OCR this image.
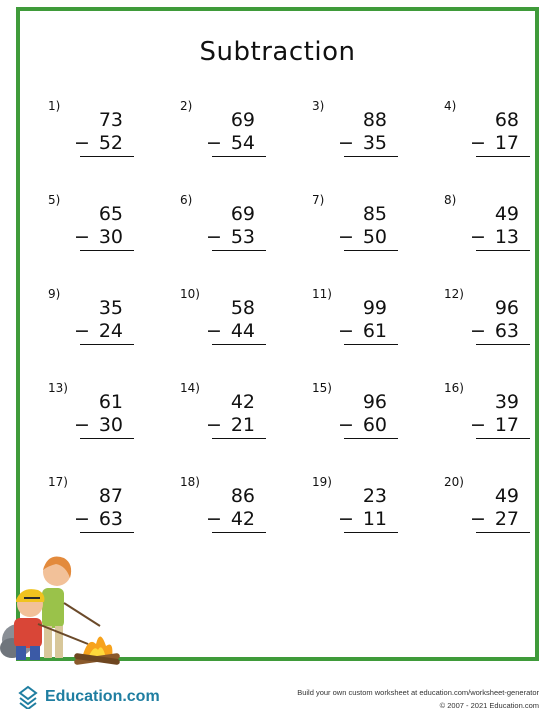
Subtraction
1)
73
− 52
2)
69
− 54
3)
88
− 35
4)
68
− 17
5)
65
− 30
6)
69
− 53
7)
85
− 50
8)
49
− 13
9)
35
− 24
10)
58
− 44
11)
99
− 61
12)
96
− 63
13)
61
− 30
14)
42
− 21
15)
96
− 60
16)
39
− 17
17)
87
− 63
18)
86
− 42
19)
23
− 11
20)
49
− 27
Education.com	Build your own custom worksheet at education.com/worksheet-generator
© 2007 - 2021 Education.com
